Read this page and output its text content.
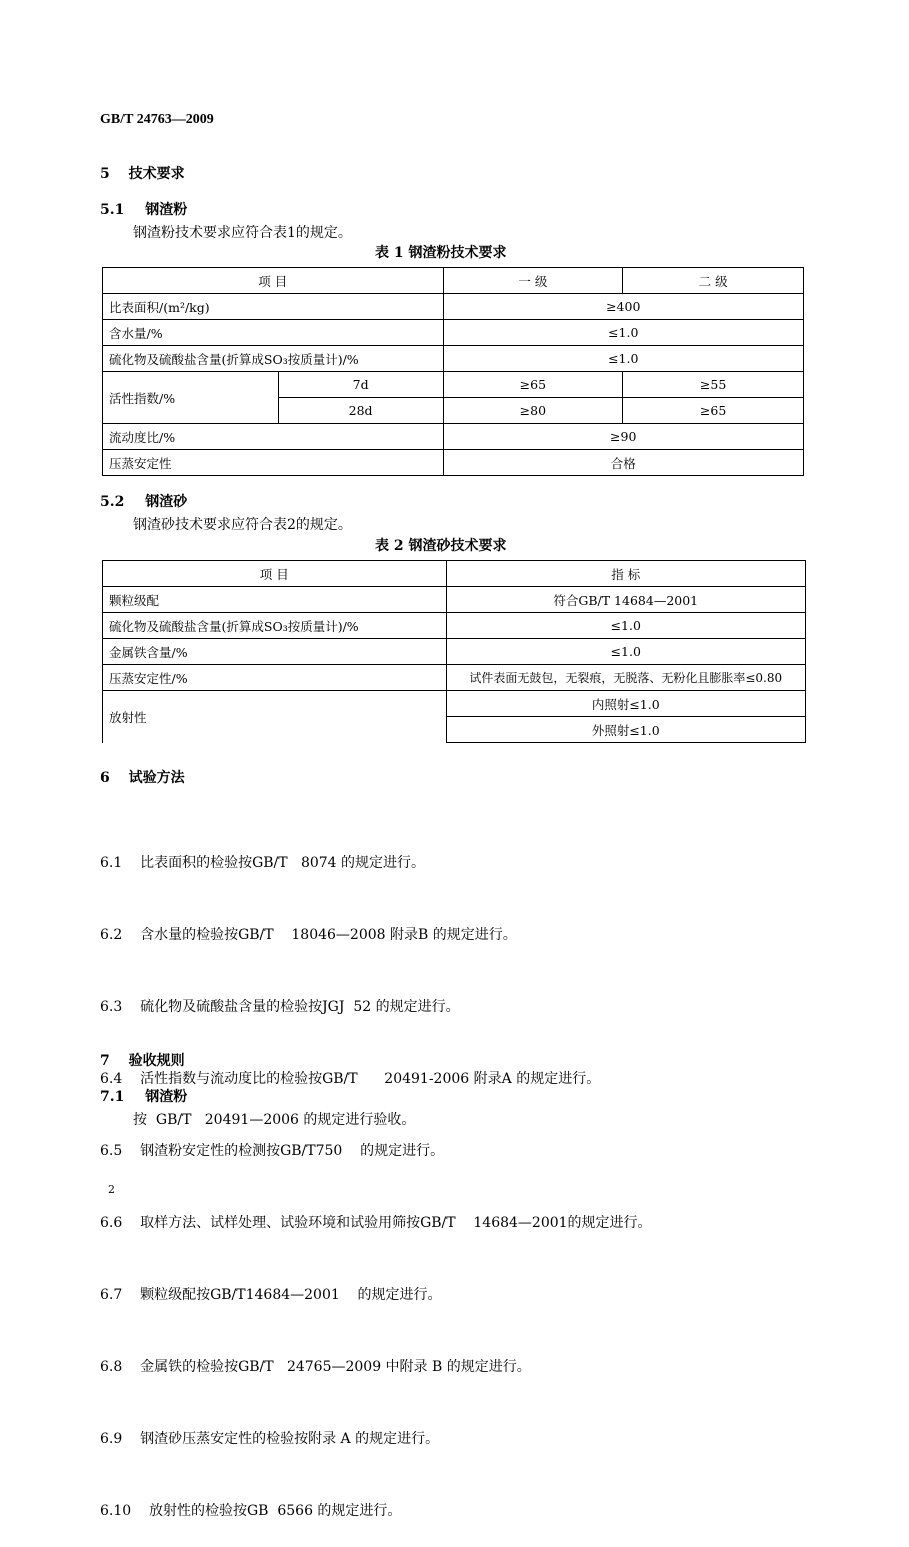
GB/T 24763—2009
5 技术要求
5.1 钢渣粉
钢渣粉技术要求应符合表1的规定。
表 1 钢渣粉技术要求
项 目		一 级	二 级
比表面积/(m²/kg)		≥400	
含水量/%		≤1.0	
硫化物及硫酸盐含量(折算成SO₃按质量计)/%		≤1.0	
活性指数/%	7d	≥65	≥55
	28d	≥80	≥65
流动度比/%		≥90	
压蒸安定性		合格	
5.2 钢渣砂
钢渣砂技术要求应符合表2的规定。
表 2 钢渣砂技术要求
项 目	指 标
颗粒级配	符合GB/T 14684—2001
硫化物及硫酸盐含量(折算成SO₃按质量计)/%	≤1.0
金属铁含量/%	≤1.0
压蒸安定性/%	试件表面无鼓包，无裂痕，无脱落、无粉化且膨胀率≤0.80
放射性	内照射≤1.0
	外照射≤1.0
6 试验方法

6.1    比表面积的检验按GB/T   8074 的规定进行。

6.2    含水量的检验按GB/T    18046—2008 附录B 的规定进行。

6.3    硫化物及硫酸盐含量的检验按JGJ  52 的规定进行。

6.4    活性指数与流动度比的检验按GB/T      20491-2006 附录A 的规定进行。

6.5    钢渣粉安定性的检测按GB/T750    的规定进行。

6.6    取样方法、试样处理、试验环境和试验用筛按GB/T    14684—2001的规定进行。

6.7    颗粒级配按GB/T14684—2001    的规定进行。

6.8    金属铁的检验按GB/T   24765—2009 中附录 B 的规定进行。

6.9    钢渣砂压蒸安定性的检验按附录 A 的规定进行。

6.10    放射性的检验按GB  6566 的规定进行。

7 验收规则
7.1 钢渣粉
按  GB/T   20491—2006 的规定进行验收。
2
